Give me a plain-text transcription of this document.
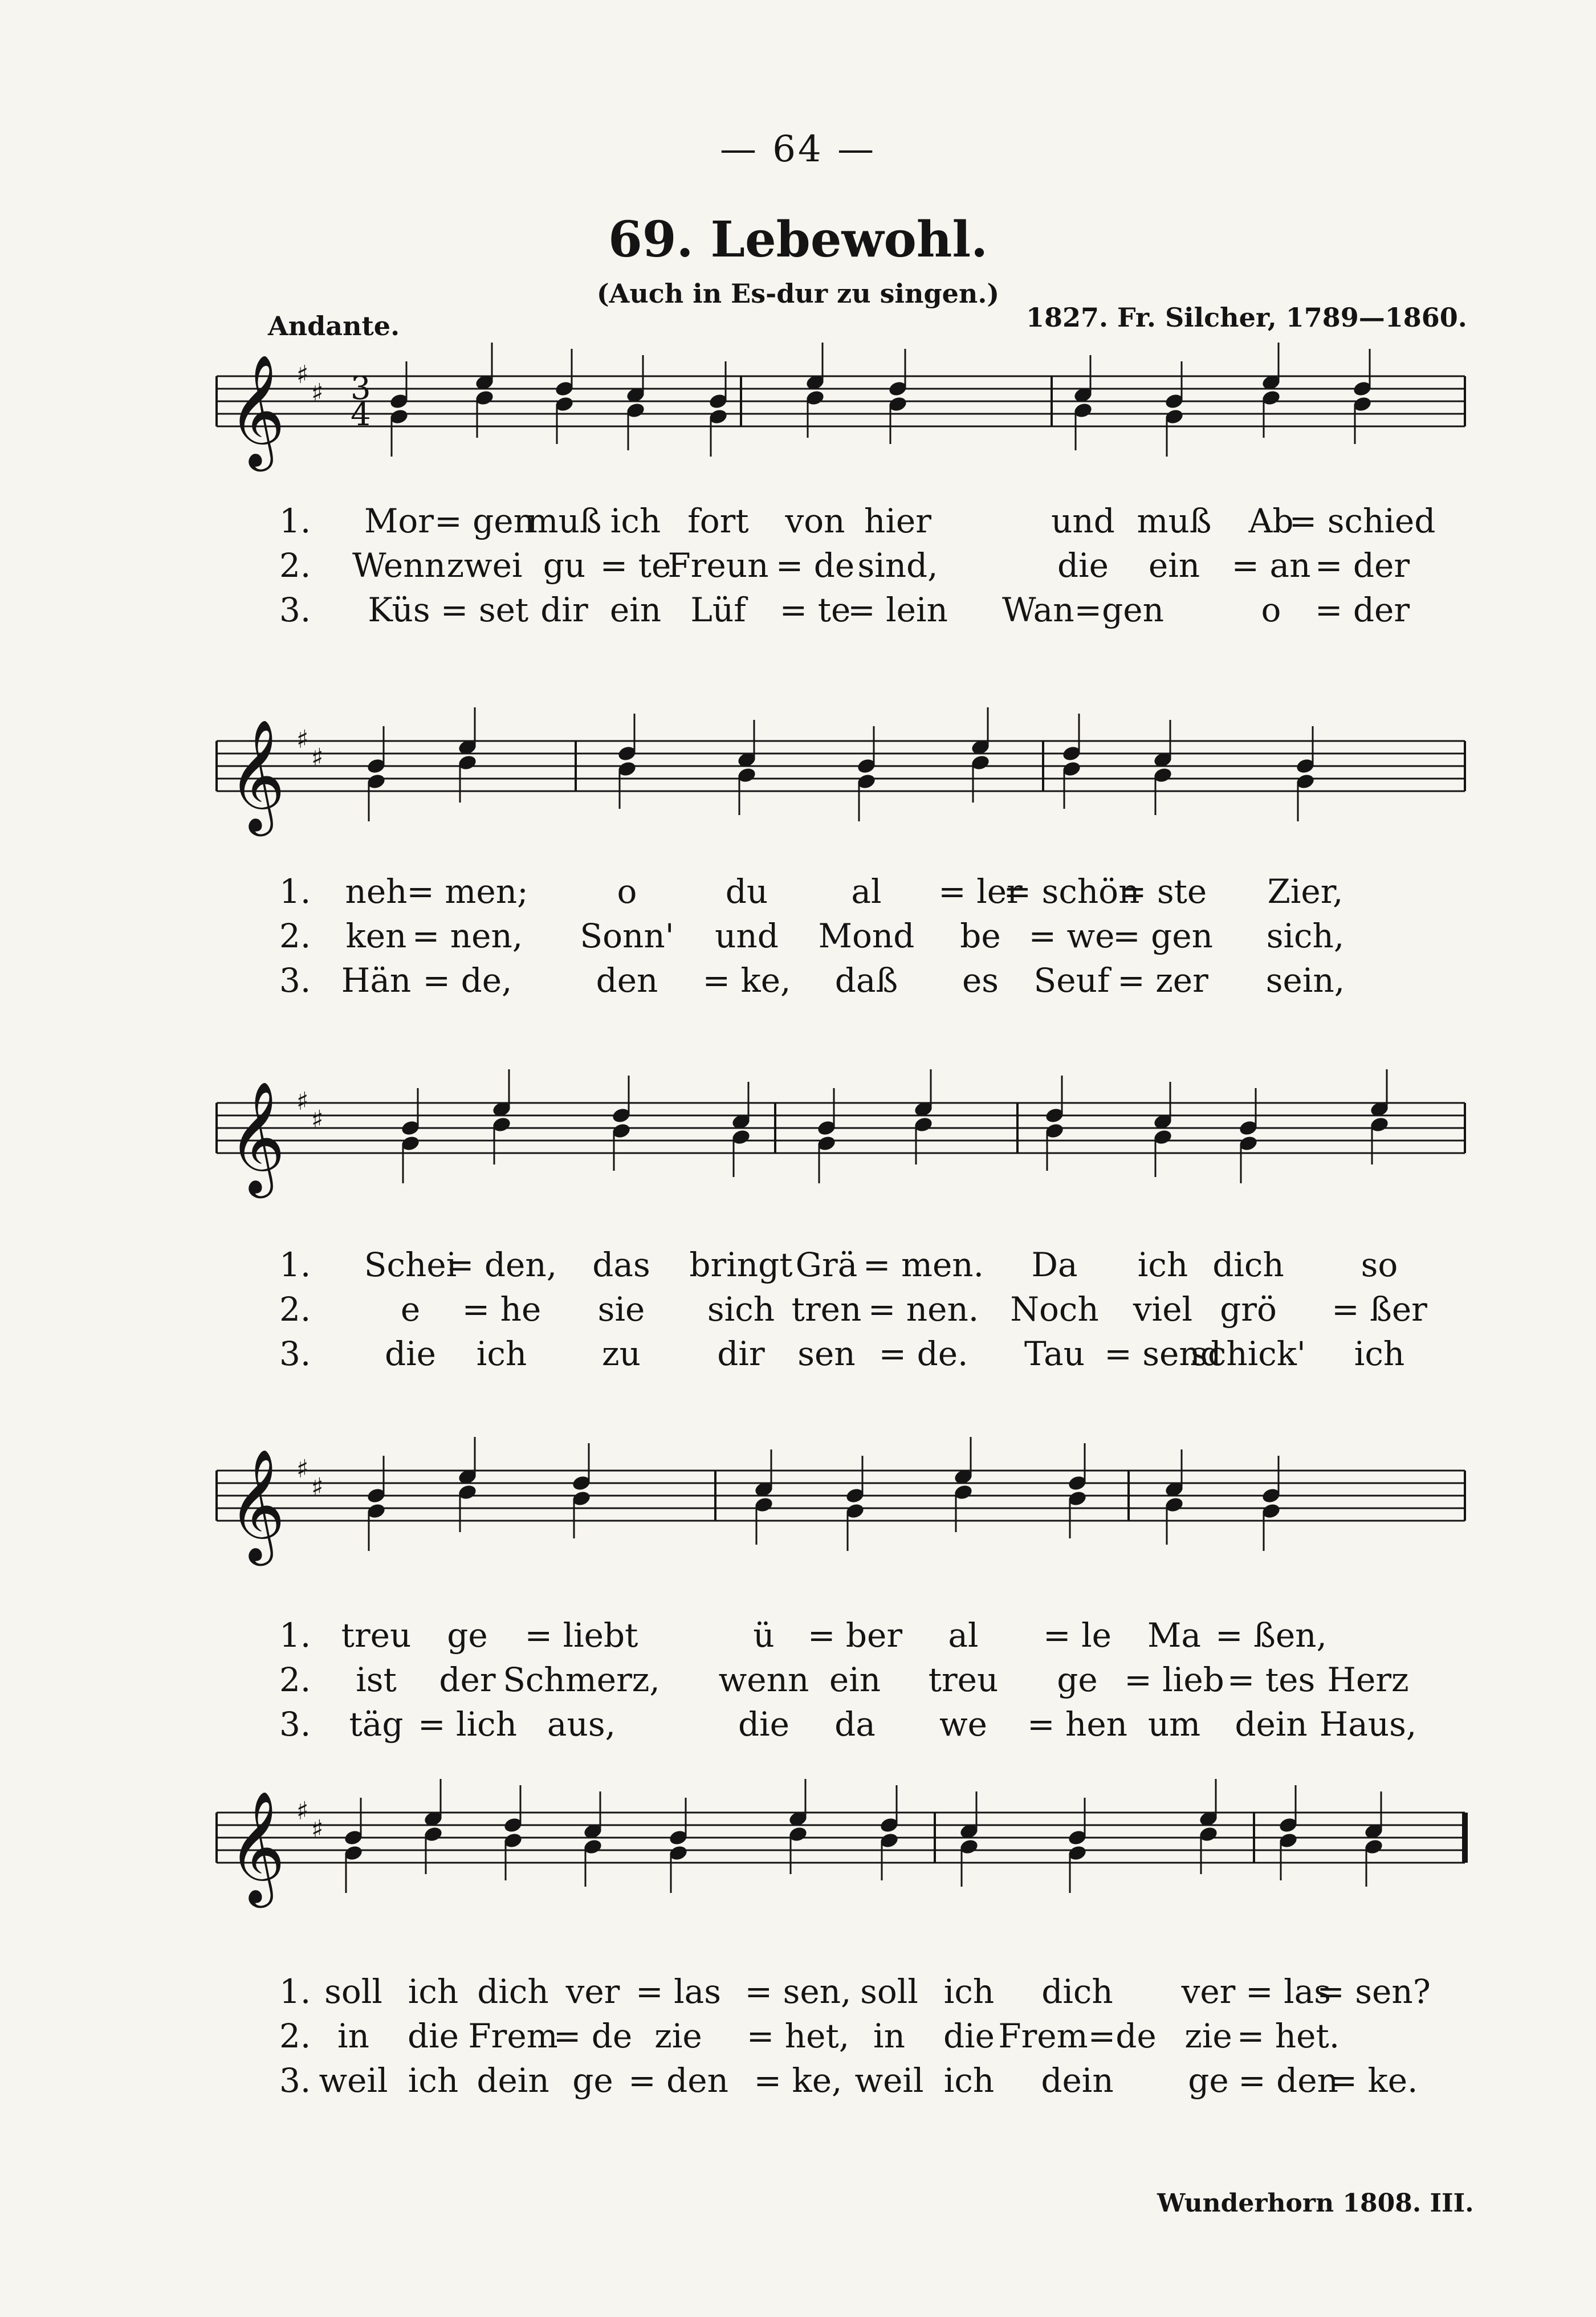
— 64 —
69. Lebewohl.
(Auch in Es-dur zu singen.)
Andante.	1827. Fr. Silcher, 1789—1860.
𝄞 ♯
♯ 3
4
1. Mor = gen
muß ich fort von hier	und muß Ab
= schied
2. Wenn zwei gu = te
Freun = de sind,	die ein = an = der
3. Küs = set dir ein Lüf = te
= lein Wan=gen	o = der
𝄞 ♯
♯
1. neh
= men;	o	du	al = ler
= schön
= ste Zier,
2. ken = nen, Sonn' und Mond be = we
= gen sich,
3. Hän = de,	den = ke, daß es Seuf = zer sein,
𝄞 ♯
♯
1. Schei
= den, das bringt Grä = men. Da ich dich so
2.	e = he sie sich tren = nen. Noch viel grö = ßer
3. die ich zu dir sen = de. Tau = send
schick' ich
𝄞 ♯
♯
1. treu ge = liebt	ü = ber al = le Ma = ßen,
2. ist der Schmerz, wenn ein treu ge = lieb = tes Herz
3. täg = lich aus,	die da we = hen um dein Haus,
𝄞 ♯
♯
1. soll ich dich ver = las = sen, soll ich dich ver = las
= sen?
2. in die Frem
= de zie = het, in die Frem=de zie = het.
3. weil ich dein ge = den = ke, weil ich dein ge = den
= ke.
Wunderhorn 1808. III.
